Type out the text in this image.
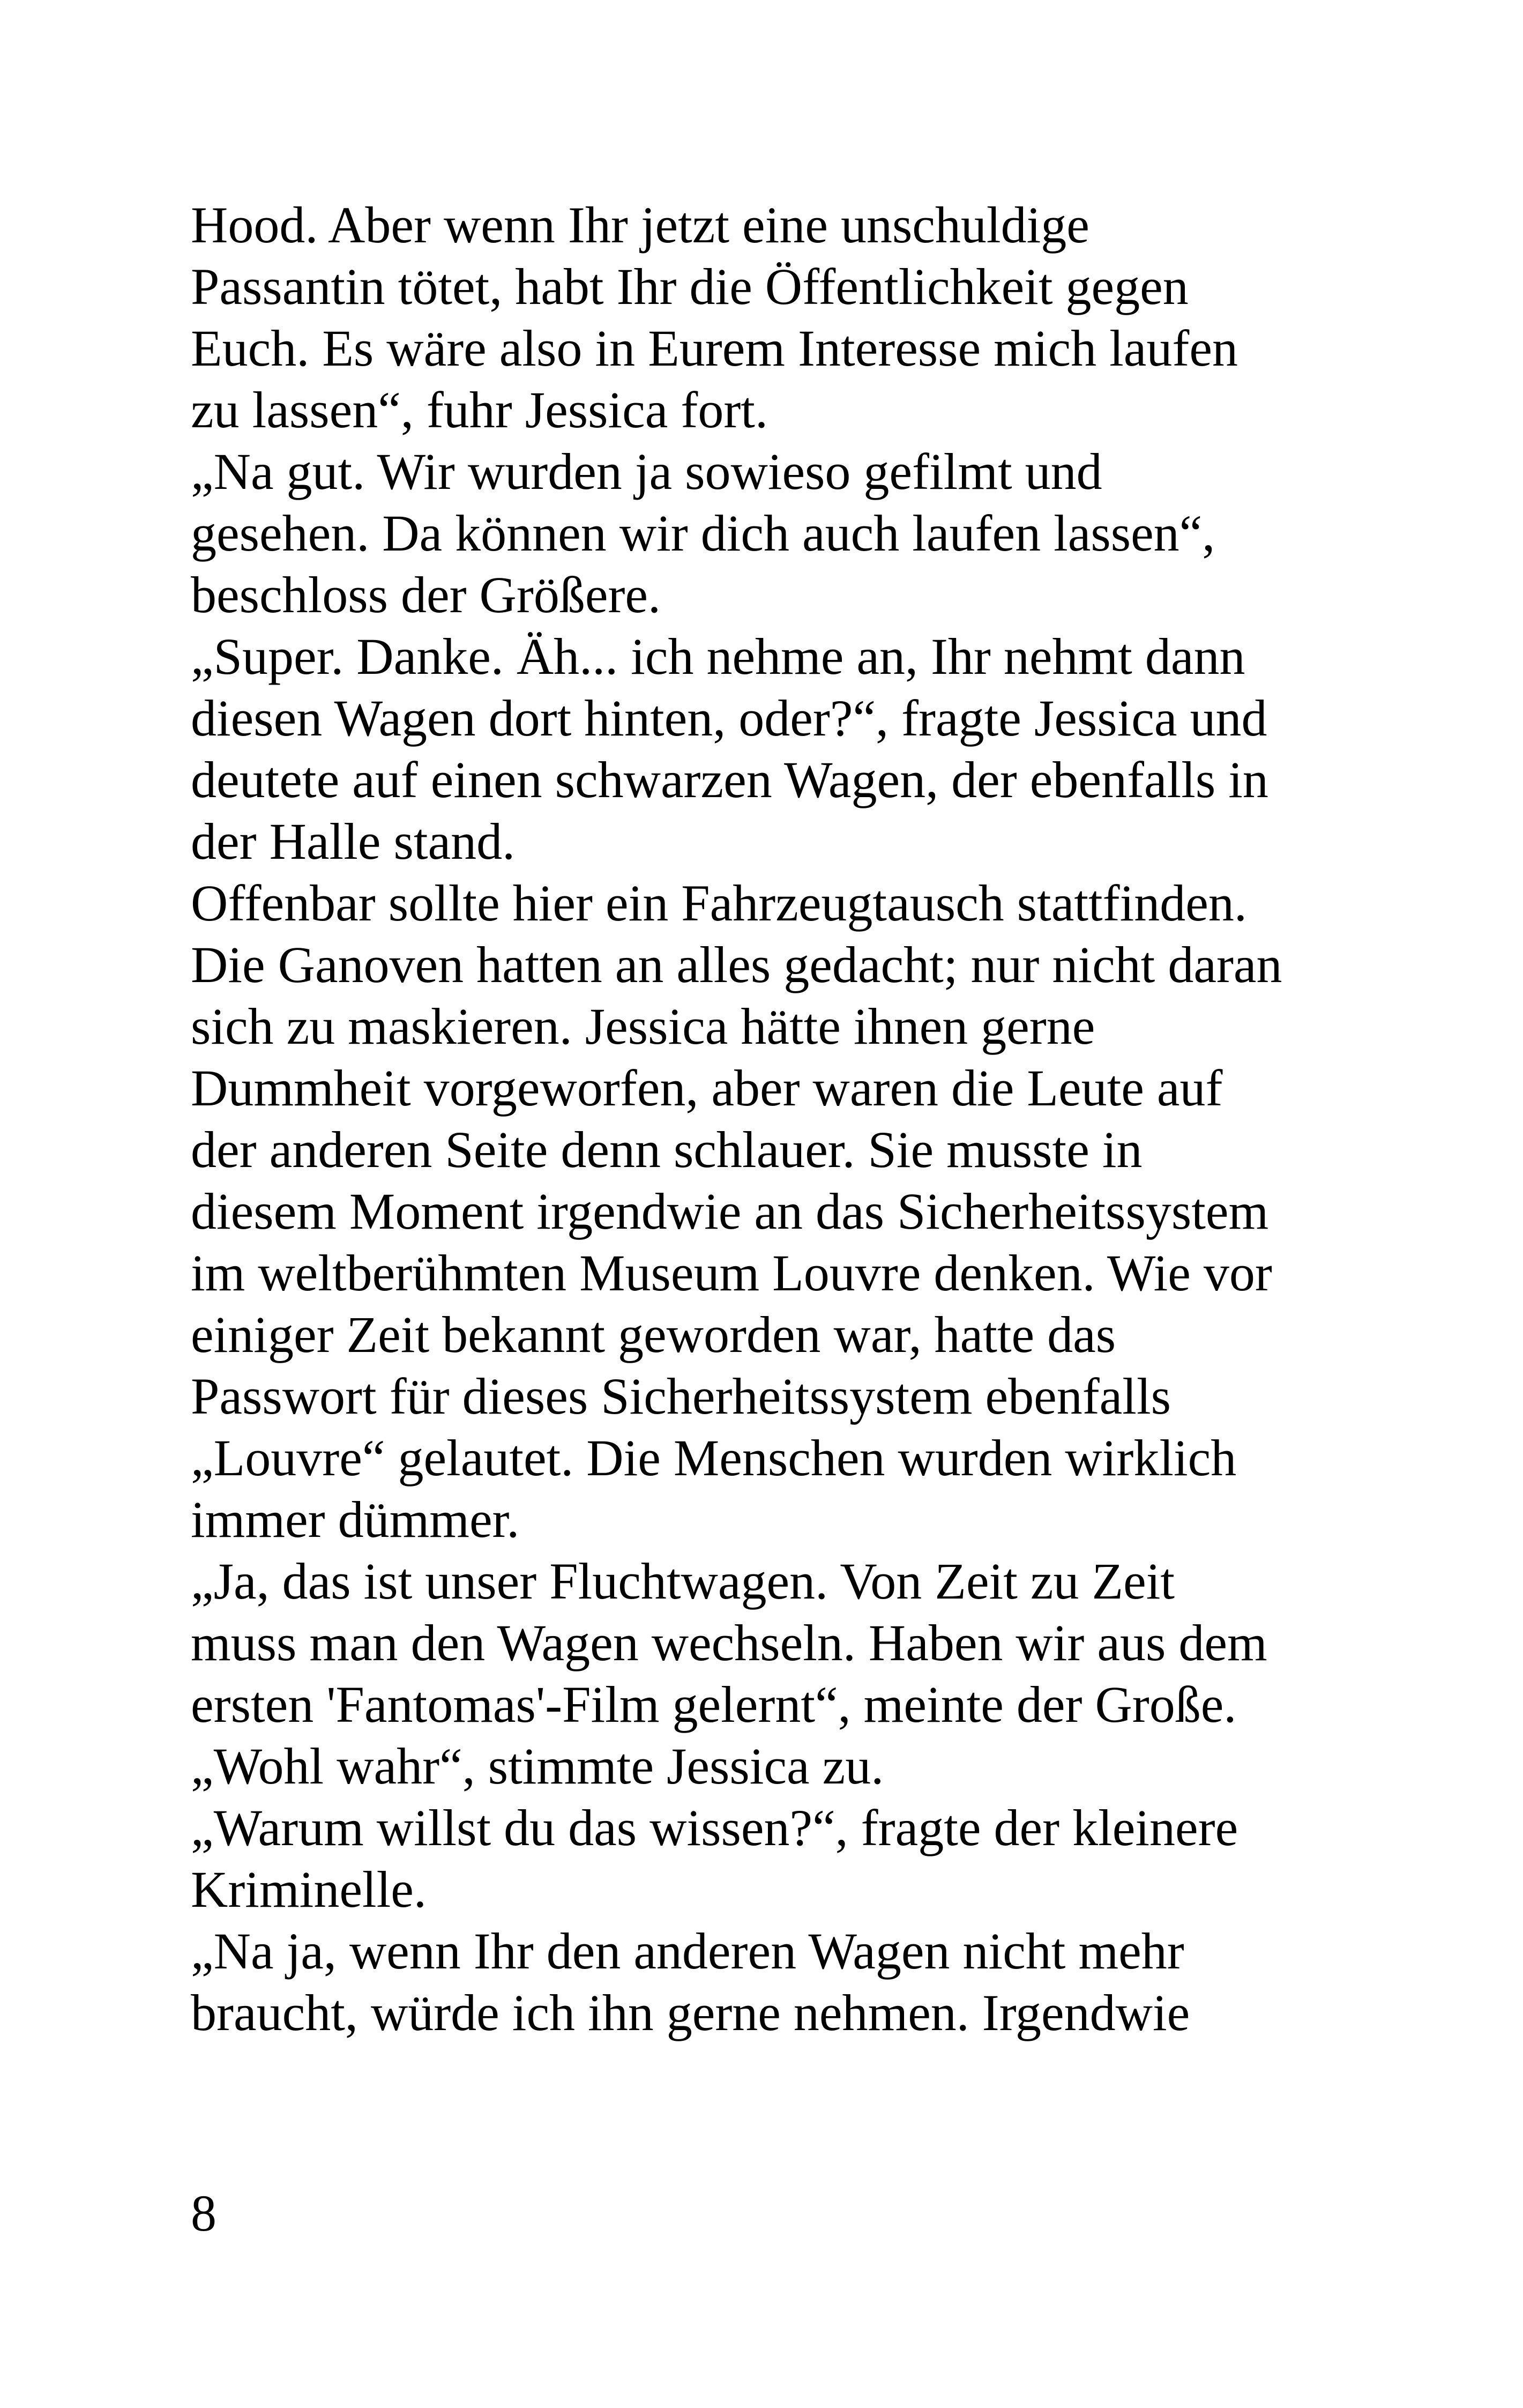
Hood. Aber wenn Ihr jetzt eine unschuldige

Passantin tötet, habt Ihr die Öffentlichkeit gegen

Euch. Es wäre also in Eurem Interesse mich laufen

zu lassen“, fuhr Jessica fort.

„Na gut. Wir wurden ja sowieso gefilmt und

gesehen. Da können wir dich auch laufen lassen“,

beschloss der Größere.

„Super. Danke. Äh... ich nehme an, Ihr nehmt dann

diesen Wagen dort hinten, oder?“, fragte Jessica und

deutete auf einen schwarzen Wagen, der ebenfalls in

der Halle stand.

Offenbar sollte hier ein Fahrzeugtausch stattfinden.

Die Ganoven hatten an alles gedacht; nur nicht daran

sich zu maskieren. Jessica hätte ihnen gerne

Dummheit vorgeworfen, aber waren die Leute auf

der anderen Seite denn schlauer. Sie musste in

diesem Moment irgendwie an das Sicherheitssystem

im weltberühmten Museum Louvre denken. Wie vor

einiger Zeit bekannt geworden war, hatte das

Passwort für dieses Sicherheitssystem ebenfalls

„Louvre“ gelautet. Die Menschen wurden wirklich

immer dümmer.

„Ja, das ist unser Fluchtwagen. Von Zeit zu Zeit

muss man den Wagen wechseln. Haben wir aus dem

ersten 'Fantomas'-Film gelernt“, meinte der Große.

„Wohl wahr“, stimmte Jessica zu.

„Warum willst du das wissen?“, fragte der kleinere

Kriminelle.

„Na ja, wenn Ihr den anderen Wagen nicht mehr

braucht, würde ich ihn gerne nehmen. Irgendwie

8
